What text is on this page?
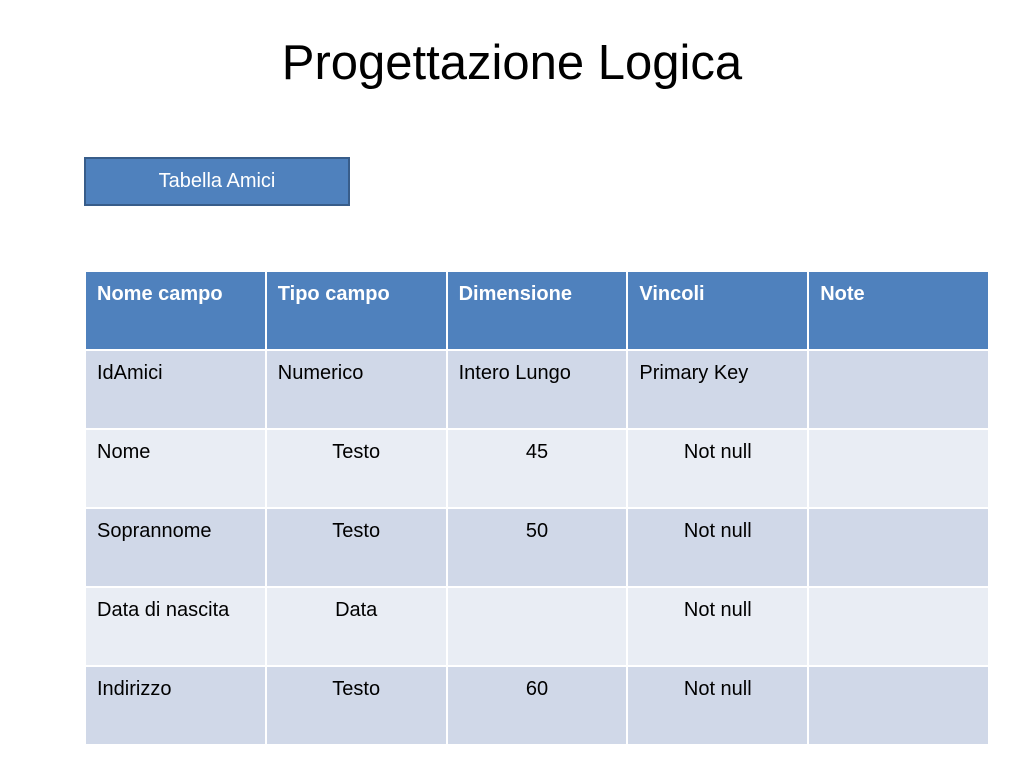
Progettazione Logica
Tabella Amici
Nome campo	Tipo campo	Dimensione	Vincoli	Note
IdAmici	Numerico	Intero Lungo	Primary Key	
Nome	Testo	45	Not null	
Soprannome	Testo	50	Not null	
Data di nascita	Data		Not null	
Indirizzo	Testo	60	Not null	
